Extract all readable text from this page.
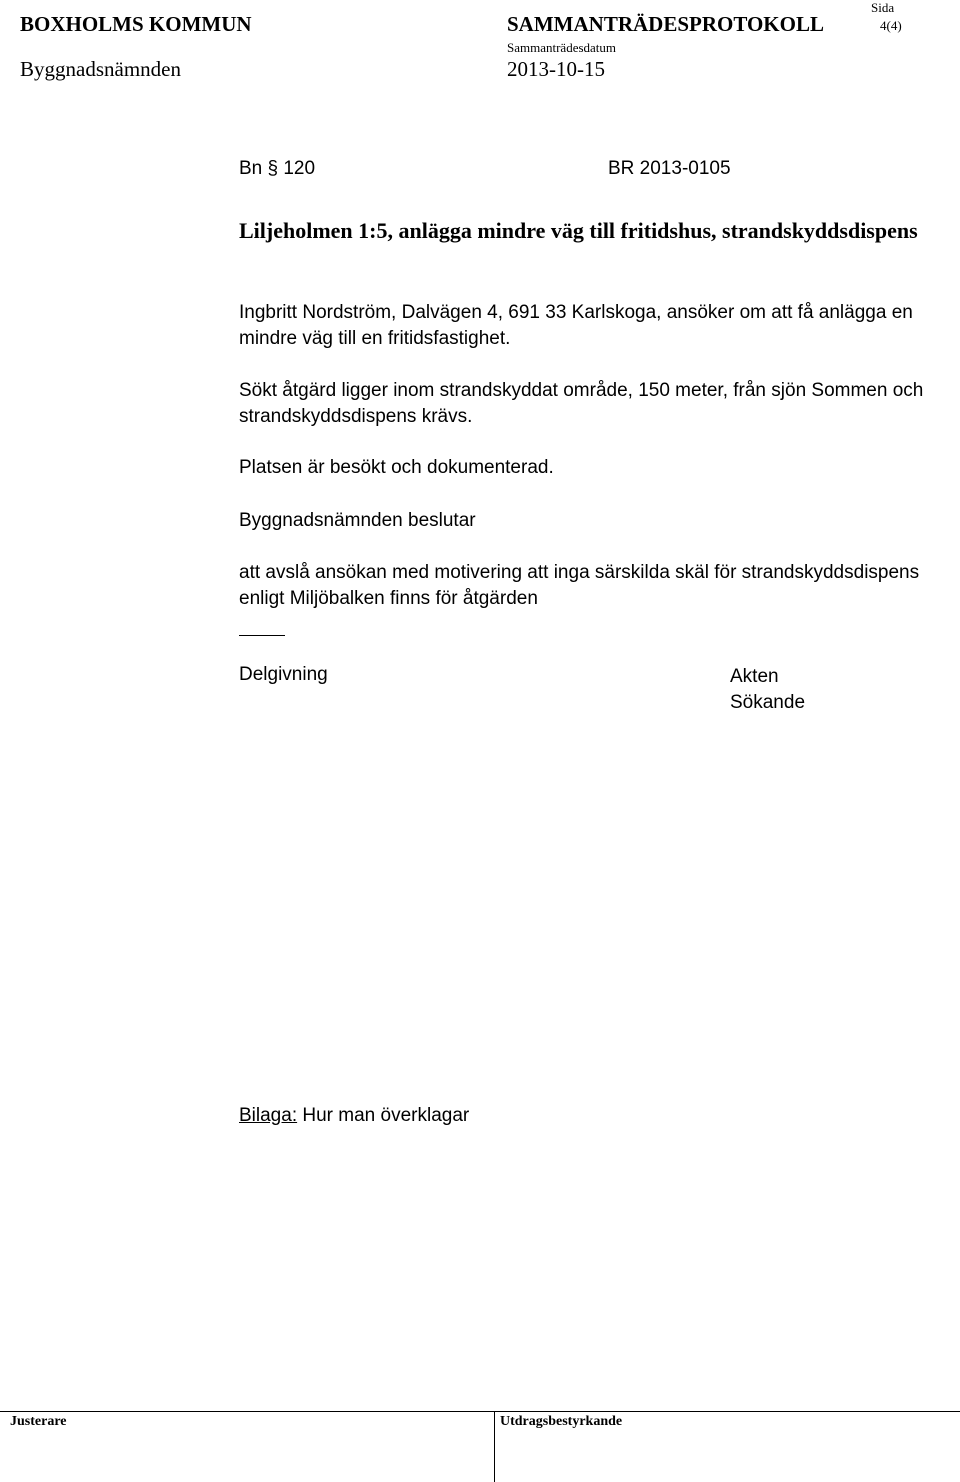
BOXHOLMS KOMMUN	SAMMANTRÄDESPROTOKOLL
Sida
4(4)
Byggnadsnämnden
Sammanträdesdatum
2013-10-15
Bn § 120	BR 2013-0105
Liljeholmen 1:5, anlägga mindre väg till fritidshus, strandskyddsdispens
Ingbritt Nordström, Dalvägen 4, 691 33 Karlskoga, ansöker om att få anlägga en mindre väg till en fritidsfastighet.
Sökt åtgärd ligger inom strandskyddat område, 150 meter, från sjön Sommen och strandskyddsdispens krävs.
Platsen är besökt och dokumenterad.
Byggnadsnämnden beslutar
att avslå ansökan med motivering att inga särskilda skäl för strandskyddsdispens enligt Miljöbalken finns för åtgärden
Delgivning	Akten
Sökande
Bilaga: Hur man överklagar
Justerare	Utdragsbestyrkande
